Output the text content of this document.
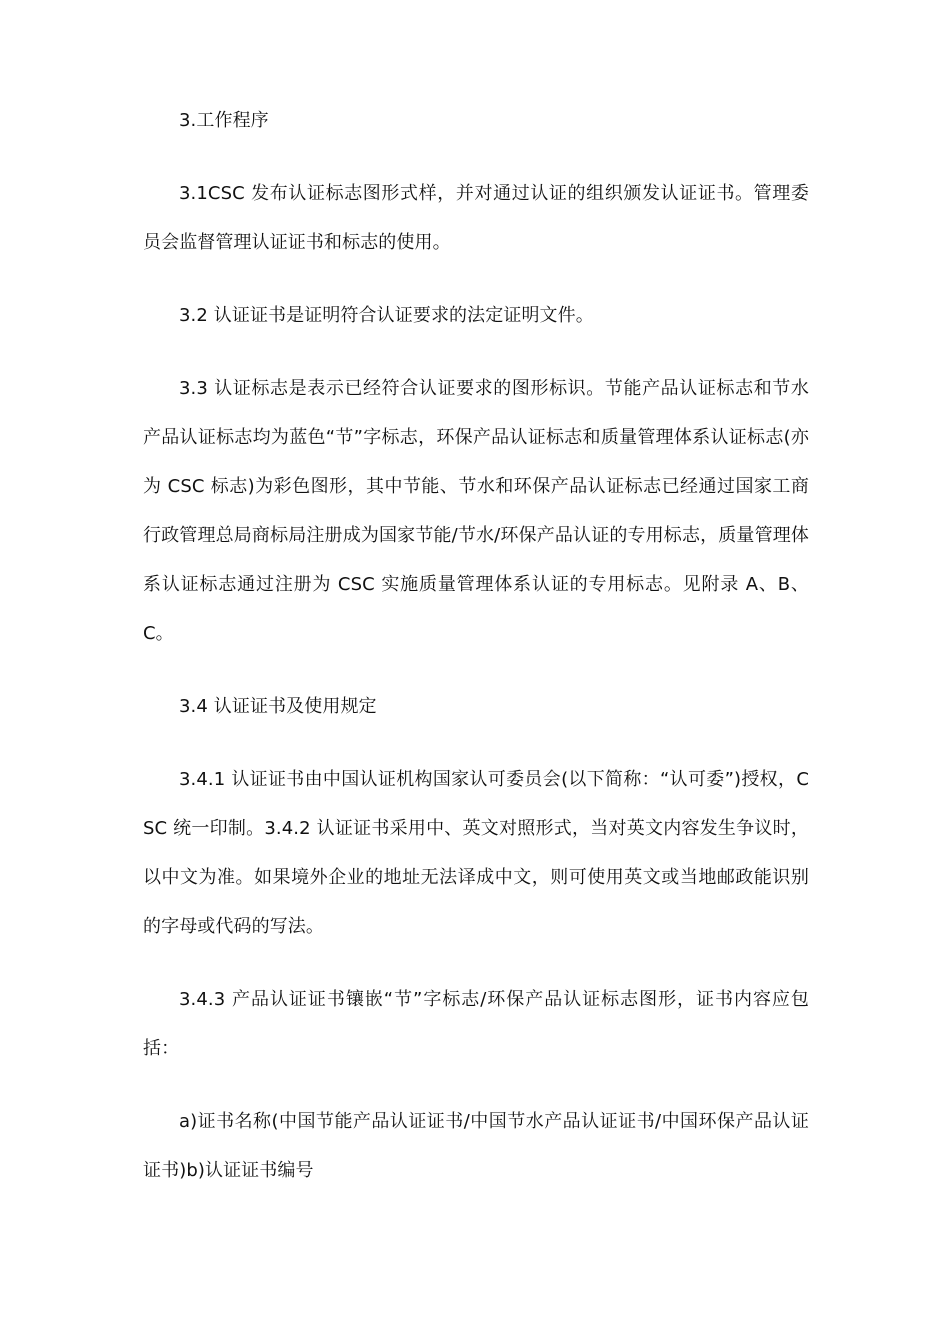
3.工作程序

3.1CSC 发布认证标志图形式样，并对通过认证的组织颁发认证证书。管理委员会监督管理认证证书和标志的使用。

3.2 认证证书是证明符合认证要求的法定证明文件。

3.3 认证标志是表示已经符合认证要求的图形标识。节能产品认证标志和节水产品认证标志均为蓝色“节”字标志，环保产品认证标志和质量管理体系认证标志(亦为 CSC 标志)为彩色图形，其中节能、节水和环保产品认证标志已经通过国家工商行政管理总局商标局注册成为国家节能/节水/环保产品认证的专用标志，质量管理体系认证标志通过注册为 CSC 实施质量管理体系认证的专用标志。见附录 A、B、C。

3.4 认证证书及使用规定

3.4.1 认证证书由中国认证机构国家认可委员会(以下简称：“认可委”)授权，CSC 统一印制。3.4.2 认证证书采用中、英文对照形式，当对英文内容发生争议时，以中文为准。如果境外企业的地址无法译成中文，则可使用英文或当地邮政能识别的字母或代码的写法。

3.4.3 产品认证证书镶嵌“节”字标志/环保产品认证标志图形，证书内容应包括：

a)证书名称(中国节能产品认证证书/中国节水产品认证证书/中国环保产品认证证书)b)认证证书编号
